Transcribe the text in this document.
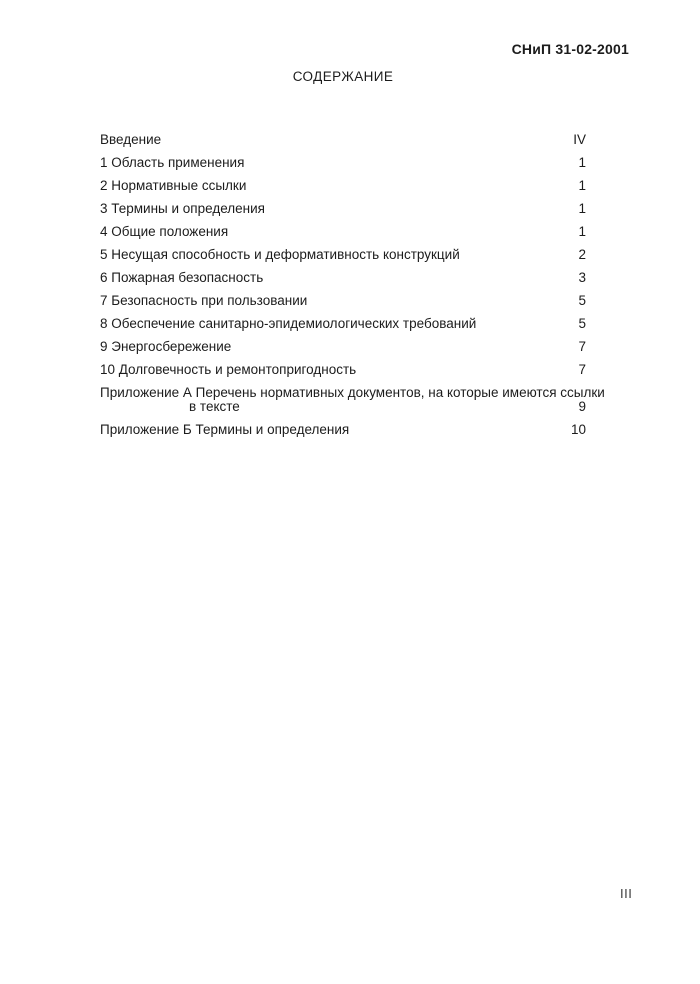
СНиП 31-02-2001
СОДЕРЖАНИЕ
Введение	IV
1 Область применения	1
2 Нормативные ссылки	1
3 Термины и определения	1
4 Общие положения	1
5 Несущая способность и деформативность конструкций	2
6 Пожарная безопасность	3
7 Безопасность при пользовании	5
8 Обеспечение санитарно-эпидемиологических требований	5
9 Энергосбережение	7
10 Долговечность и ремонтопригодность	7
Приложение А Перечень нормативных документов, на которые имеются ссылки
в тексте	9
Приложение Б Термины и определения	10
III
